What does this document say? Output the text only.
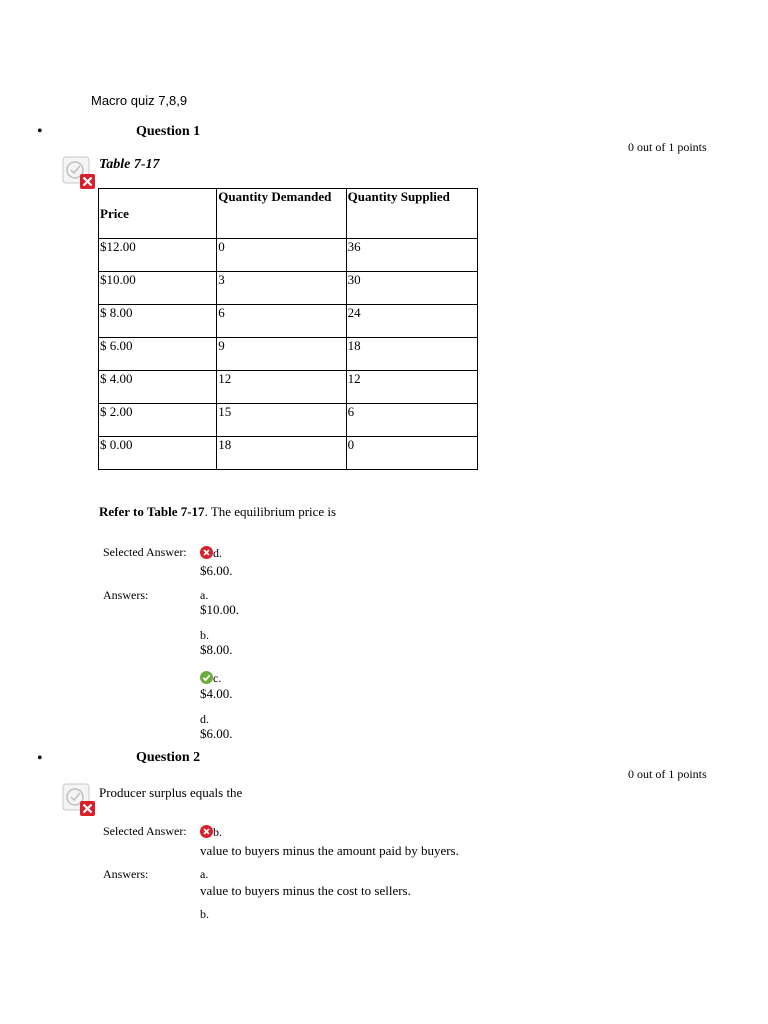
Macro quiz 7,8,9
•	Question 1
0 out of 1 points
Table 7-17
Price	Quantity Demanded	Quantity Supplied
$12.00	0	36
$10.00	3	30
$ 8.00	6	24
$ 6.00	9	18
$ 4.00	12	12
$ 2.00	15	6
$ 0.00	18	0
Refer to Table 7-17. The equilibrium price is
Selected Answer:	d.
$6.00.
Answers:	a.
$10.00.
b.
$8.00.
c.
$4.00.
d.
$6.00.
•	Question 2
0 out of 1 points
Producer surplus equals the
Selected Answer:	b.
value to buyers minus the amount paid by buyers.
Answers:	a.
value to buyers minus the cost to sellers.
b.
